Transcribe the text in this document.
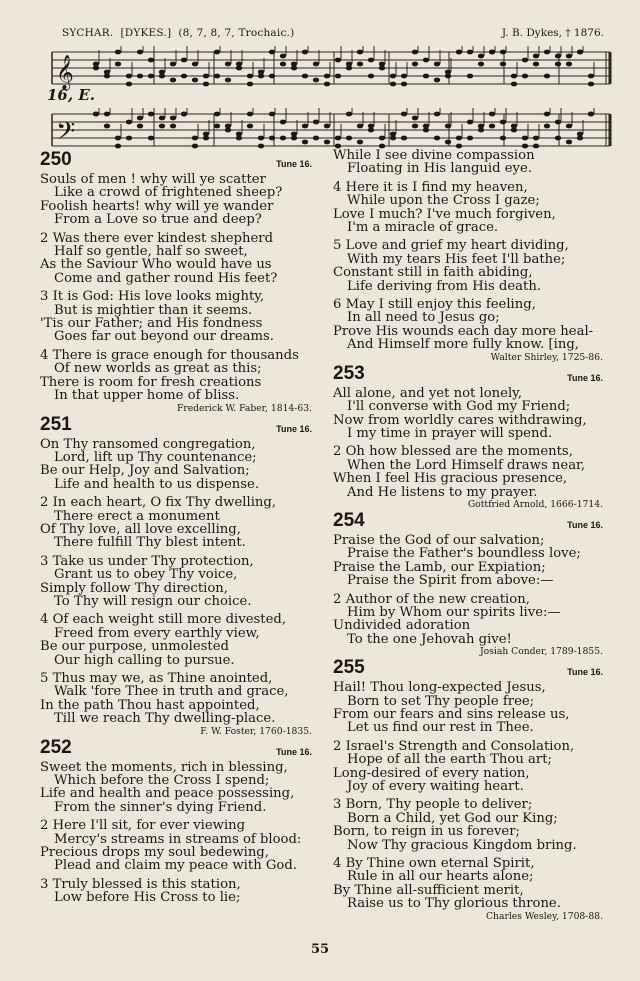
SYCHAR. [DYKES.] (8, 7, 8, 7, Trochaic.)	J. B. Dykes, † 1876.
𝄞
16, E.
𝄢
250	Tune 16.
Souls of men ! why will ye scatter
Like a crowd of frightened sheep?
Foolish hearts! why will ye wander
From a Love so true and deep?
2 Was there ever kindest shepherd
Half so gentle, half so sweet,
As the Saviour Who would have us
Come and gather round His feet?
3 It is God: His love looks mighty,
But is mightier than it seems.
'Tis our Father; and His fondness
Goes far out beyond our dreams.
4 There is grace enough for thousands
Of new worlds as great as this;
There is room for fresh creations
In that upper home of bliss.
Frederick W. Faber, 1814-63.
251	Tune 16.
On Thy ransomed congregation,
Lord, lift up Thy countenance;
Be our Help, Joy and Salvation;
Life and health to us dispense.
2 In each heart, O fix Thy dwelling,
There erect a monument
Of Thy love, all love excelling,
There fulfill Thy blest intent.
3 Take us under Thy protection,
Grant us to obey Thy voice,
Simply follow Thy direction,
To Thy will resign our choice.
4 Of each weight still more divested,
Freed from every earthly view,
Be our purpose, unmolested
Our high calling to pursue.
5 Thus may we, as Thine anointed,
Walk 'fore Thee in truth and grace,
In the path Thou hast appointed,
Till we reach Thy dwelling-place.
F. W. Foster, 1760-1835.
252	Tune 16.
Sweet the moments, rich in blessing,
Which before the Cross I spend;
Life and health and peace possessing,
From the sinner's dying Friend.
2 Here I'll sit, for ever viewing
Mercy's streams in streams of blood:
Precious drops my soul bedewing,
Plead and claim my peace with God.
3 Truly blessed is this station,
Low before His Cross to lie;
While I see divine compassion
Floating in His languid eye.
4 Here it is I find my heaven,
While upon the Cross I gaze;
Love I much? I've much forgiven,
I'm a miracle of grace.
5 Love and grief my heart dividing,
With my tears His feet I'll bathe;
Constant still in faith abiding,
Life deriving from His death.
6 May I still enjoy this feeling,
In all need to Jesus go;
Prove His wounds each day more heal-
And Himself more fully know. [ing,
Walter Shirley, 1725-86.
253	Tune 16.
All alone, and yet not lonely,
I'll converse with God my Friend;
Now from worldly cares withdrawing,
I my time in prayer will spend.
2 Oh how blessed are the moments,
When the Lord Himself draws near,
When I feel His gracious presence,
And He listens to my prayer.
Gottfried Arnold, 1666-1714.
254	Tune 16.
Praise the God of our salvation;
Praise the Father's boundless love;
Praise the Lamb, our Expiation;
Praise the Spirit from above:—
2 Author of the new creation,
Him by Whom our spirits live:—
Undivided adoration
To the one Jehovah give!
Josiah Conder, 1789-1855.
255	Tune 16.
Hail! Thou long-expected Jesus,
Born to set Thy people free;
From our fears and sins release us,
Let us find our rest in Thee.
2 Israel's Strength and Consolation,
Hope of all the earth Thou art;
Long-desired of every nation,
Joy of every waiting heart.
3 Born, Thy people to deliver;
Born a Child, yet God our King;
Born, to reign in us forever;
Now Thy gracious Kingdom bring.
4 By Thine own eternal Spirit,
Rule in all our hearts alone;
By Thine all-sufficient merit,
Raise us to Thy glorious throne.
Charles Wesley, 1708-88.
55
